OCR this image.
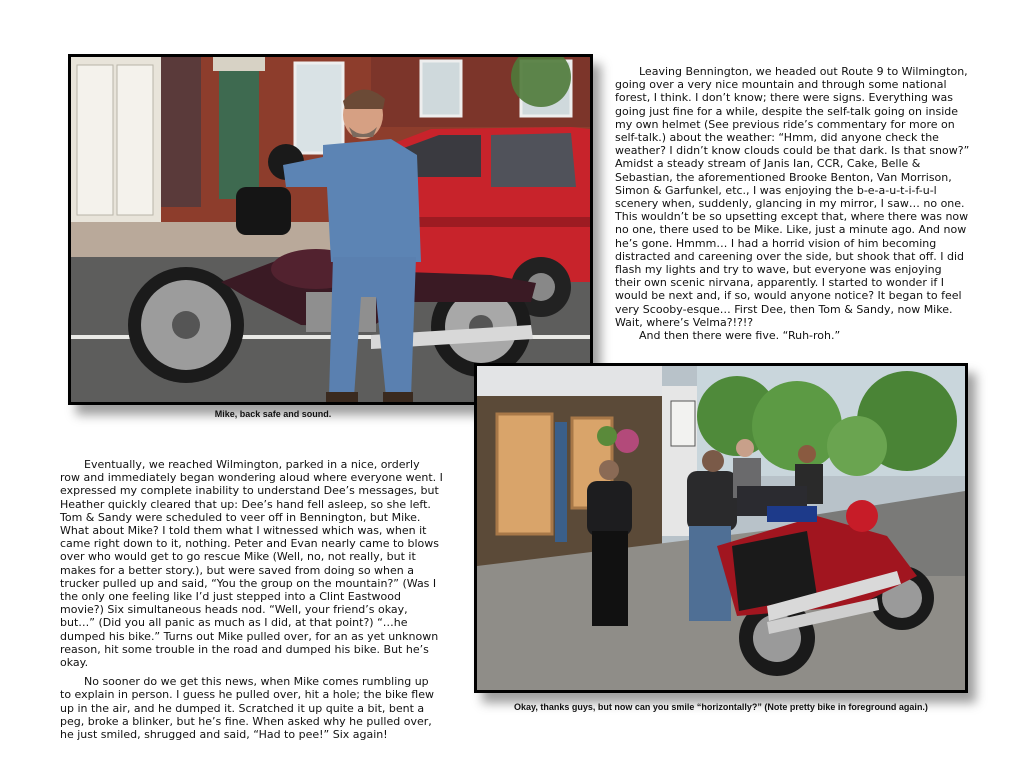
Mike, back safe and sound.

Leaving Bennington, we headed out Route 9 to Wilmington, going over a very nice mountain and through some national forest, I think. I don’t know; there were signs. Everything was going just fine for a while, despite the self-talk going on inside my own helmet (See previous ride’s commentary for more on self-talk.) about the weather: “Hmm, did anyone check the weather? I didn’t know clouds could be that dark. Is that snow?” Amidst a steady stream of Janis Ian, CCR, Cake, Belle & Sebastian, the aforementioned Brooke Benton, Van Morrison, Simon & Garfunkel, etc., I was enjoying the b-e-a-u-t-i-f-u-l scenery when, suddenly, glancing in my mirror, I saw… no one. This wouldn’t be so upsetting except that, where there was now no one, there used to be Mike. Like, just a minute ago. And now he’s gone. Hmmm… I had a horrid vision of him becoming distracted and careening over the side, but shook that off. I did flash my lights and try to wave, but everyone was enjoying their own scenic nirvana, apparently. I started to wonder if I would be next and, if so, would anyone notice? It began to feel very Scooby-esque… First Dee, then Tom & Sandy, now Mike. Wait, where’s Velma?!?!?

And then there were five. “Ruh-roh.”

Eventually, we reached Wilmington, parked in a nice, orderly row and immediately began wondering aloud where everyone went. I expressed my complete inability to understand Dee’s messages, but Heather quickly cleared that up: Dee’s hand fell asleep, so she left. Tom & Sandy were scheduled to veer off in Bennington, but Mike. What about Mike? I told them what I witnessed which was, when it came right down to it, nothing. Peter and Evan nearly came to blows over who would get to go rescue Mike (Well, no, not really, but it makes for a better story.), but were saved from doing so when a trucker pulled up and said, “You the group on the mountain?” (Was I the only one feeling like I’d just stepped into a Clint Eastwood movie?) Six simultaneous heads nod. “Well, your friend’s okay, but…” (Did you all panic as much as I did, at that point?) “…he dumped his bike.” Turns out Mike pulled over, for an as yet unknown reason, hit some trouble in the road and dumped his bike. But he’s okay.

No sooner do we get this news, when Mike comes rumbling up to explain in person. I guess he pulled over, hit a hole; the bike flew up in the air, and he dumped it. Scratched it up quite a bit, bent a peg, broke a blinker, but he’s fine. When asked why he pulled over, he just smiled, shrugged and said, “Had to pee!” Six again!

Okay, thanks guys, but now can you smile “horizontally?” (Note pretty bike in foreground again.)
